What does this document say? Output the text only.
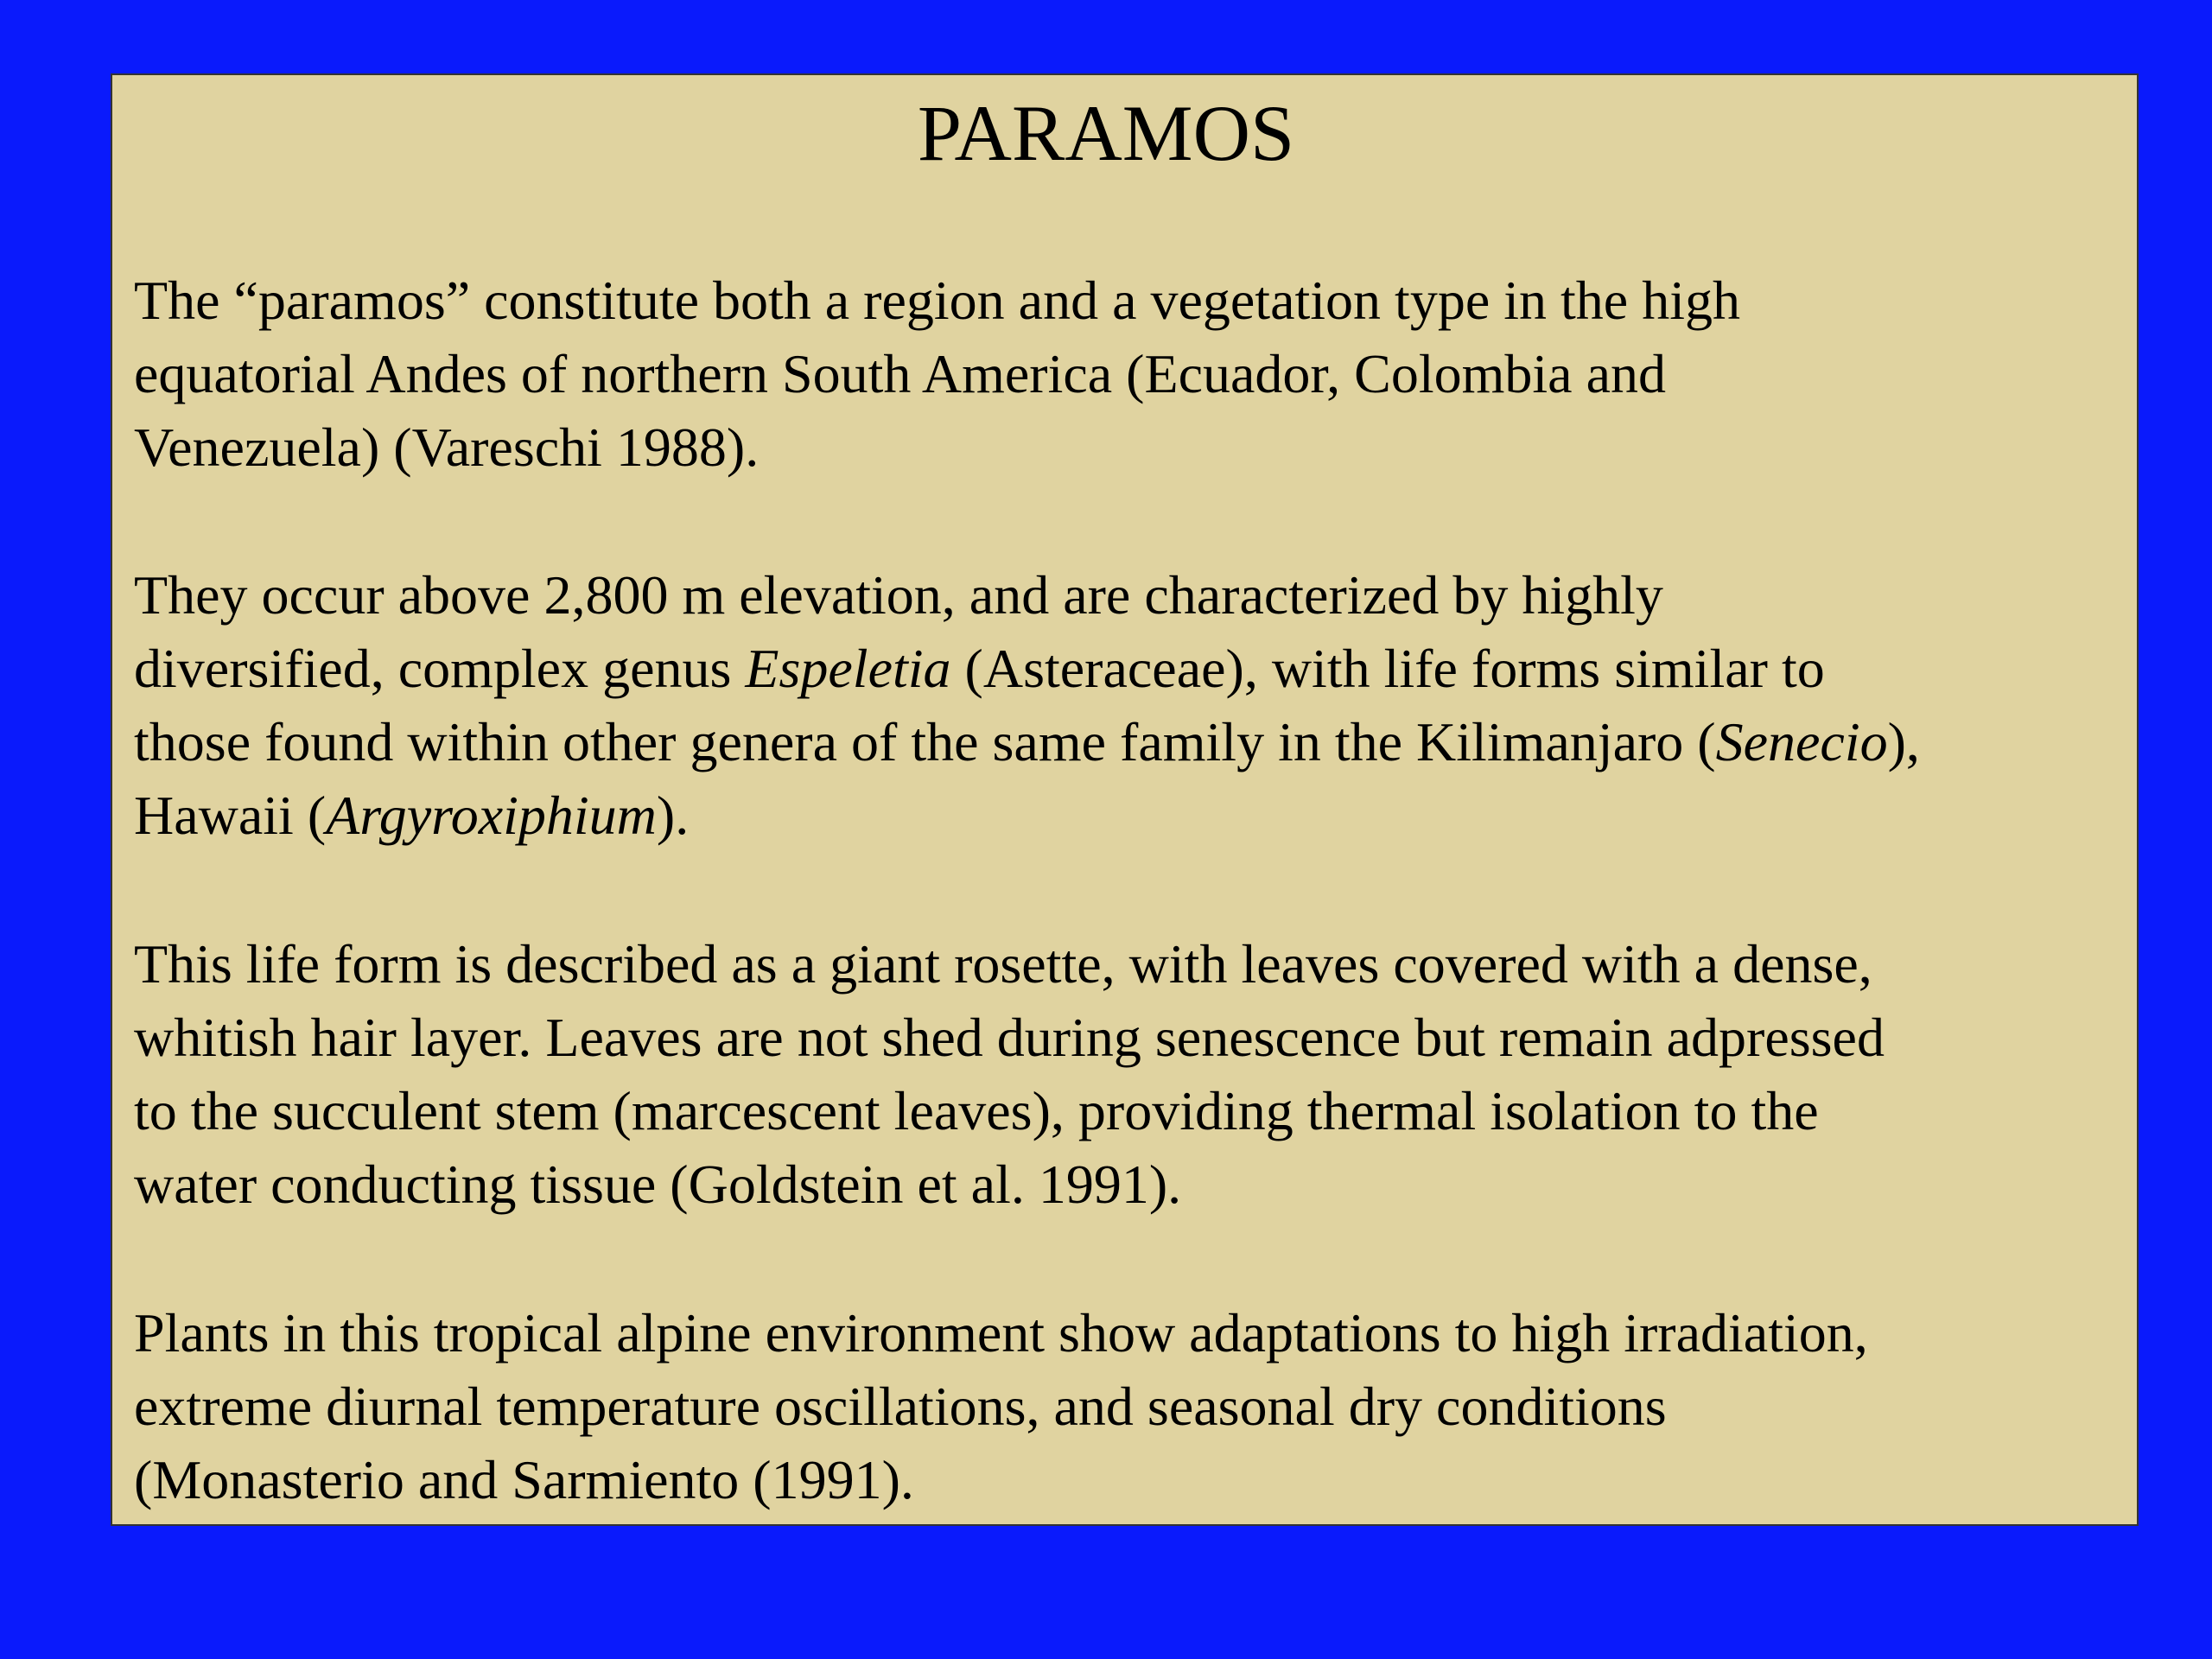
PARAMOS

The “paramos” constitute both a region and a vegetation type in the high
equatorial Andes of northern South America (Ecuador, Colombia and
Venezuela) (Vareschi 1988).

They occur above 2,800 m elevation, and are characterized by highly
diversified, complex genus Espeletia (Asteraceae), with life forms similar to
those found within other genera of the same family in the Kilimanjaro (Senecio),
Hawaii (Argyroxiphium).

This life form is described as a giant rosette, with leaves covered with a dense,
whitish hair layer. Leaves are not shed during senescence but remain adpressed
to the succulent stem (marcescent leaves), providing thermal isolation to the
water conducting tissue (Goldstein et al. 1991).

Plants in this tropical alpine environment show adaptations to high irradiation,
extreme diurnal temperature oscillations, and seasonal dry conditions
(Monasterio and Sarmiento (1991).
